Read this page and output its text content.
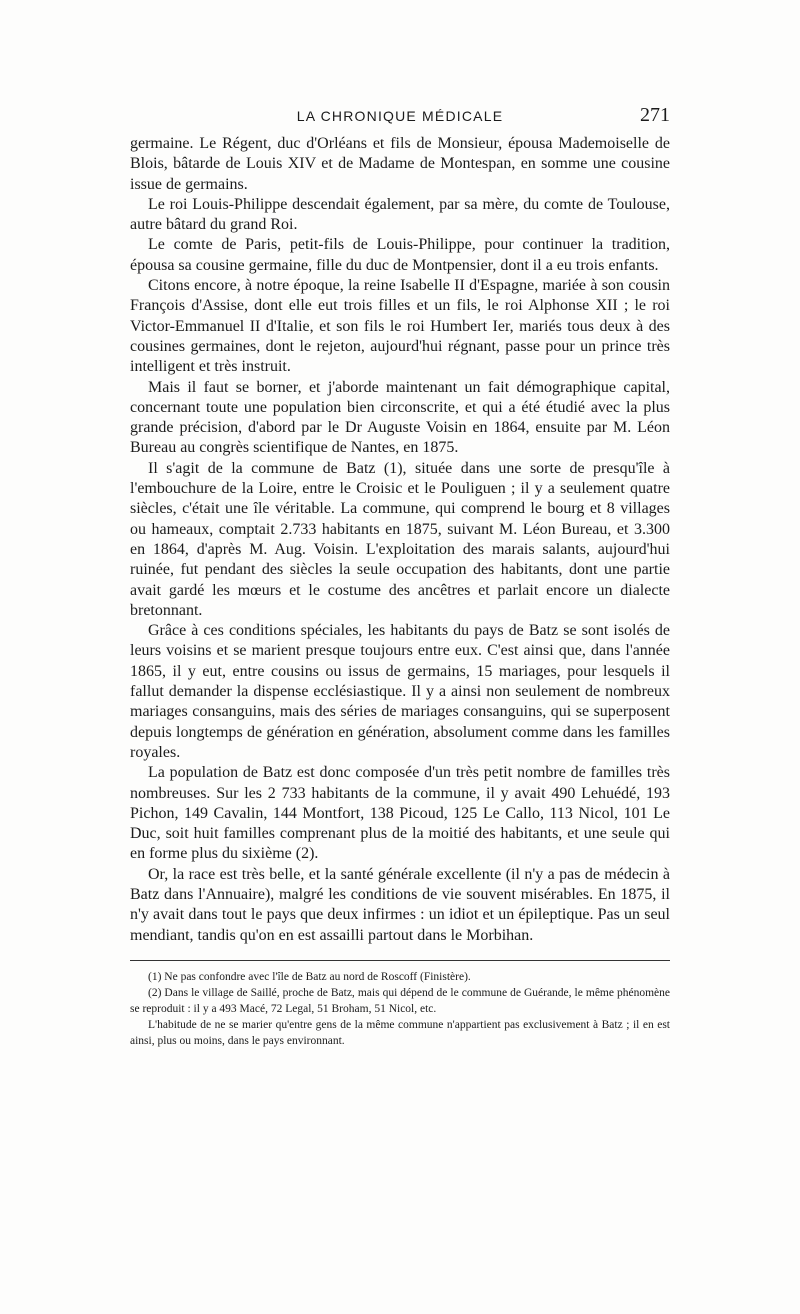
LA CHRONIQUE MÉDICALE	271

germaine. Le Régent, duc d'Orléans et fils de Monsieur, épousa Mademoiselle de Blois, bâtarde de Louis XIV et de Madame de Montespan, en somme une cousine issue de germains.

Le roi Louis-Philippe descendait également, par sa mère, du comte de Toulouse, autre bâtard du grand Roi.

Le comte de Paris, petit-fils de Louis-Philippe, pour continuer la tradition, épousa sa cousine germaine, fille du duc de Montpensier, dont il a eu trois enfants.

Citons encore, à notre époque, la reine Isabelle II d'Espagne, mariée à son cousin François d'Assise, dont elle eut trois filles et un fils, le roi Alphonse XII ; le roi Victor-Emmanuel II d'Italie, et son fils le roi Humbert Ier, mariés tous deux à des cousines germaines, dont le rejeton, aujourd'hui régnant, passe pour un prince très intelligent et très instruit.

Mais il faut se borner, et j'aborde maintenant un fait démographique capital, concernant toute une population bien circonscrite, et qui a été étudié avec la plus grande précision, d'abord par le Dr Auguste Voisin en 1864, ensuite par M. Léon Bureau au congrès scientifique de Nantes, en 1875.

Il s'agit de la commune de Batz (1), située dans une sorte de presqu'île à l'embouchure de la Loire, entre le Croisic et le Pouliguen ; il y a seulement quatre siècles, c'était une île véritable. La commune, qui comprend le bourg et 8 villages ou hameaux, comptait 2.733 habitants en 1875, suivant M. Léon Bureau, et 3.300 en 1864, d'après M. Aug. Voisin. L'exploitation des marais salants, aujourd'hui ruinée, fut pendant des siècles la seule occupation des habitants, dont une partie avait gardé les mœurs et le costume des ancêtres et parlait encore un dialecte bretonnant.

Grâce à ces conditions spéciales, les habitants du pays de Batz se sont isolés de leurs voisins et se marient presque toujours entre eux. C'est ainsi que, dans l'année 1865, il y eut, entre cousins ou issus de germains, 15 mariages, pour lesquels il fallut demander la dispense ecclésiastique. Il y a ainsi non seulement de nombreux mariages consanguins, mais des séries de mariages consanguins, qui se superposent depuis longtemps de génération en génération, absolument comme dans les familles royales.

La population de Batz est donc composée d'un très petit nombre de familles très nombreuses. Sur les 2 733 habitants de la commune, il y avait 490 Lehuédé, 193 Pichon, 149 Cavalin, 144 Montfort, 138 Picoud, 125 Le Callo, 113 Nicol, 101 Le Duc, soit huit familles comprenant plus de la moitié des habitants, et une seule qui en forme plus du sixième (2).

Or, la race est très belle, et la santé générale excellente (il n'y a pas de médecin à Batz dans l'Annuaire), malgré les conditions de vie souvent misérables. En 1875, il n'y avait dans tout le pays que deux infirmes : un idiot et un épileptique. Pas un seul mendiant, tandis qu'on en est assailli partout dans le Morbihan.

(1) Ne pas confondre avec l'île de Batz au nord de Roscoff (Finistère).

(2) Dans le village de Saillé, proche de Batz, mais qui dépend de le commune de Guérande, le même phénomène se reproduit : il y a 493 Macé, 72 Legal, 51 Broham, 51 Nicol, etc.

L'habitude de ne se marier qu'entre gens de la même commune n'appartient pas exclusivement à Batz ; il en est ainsi, plus ou moins, dans le pays environnant.
